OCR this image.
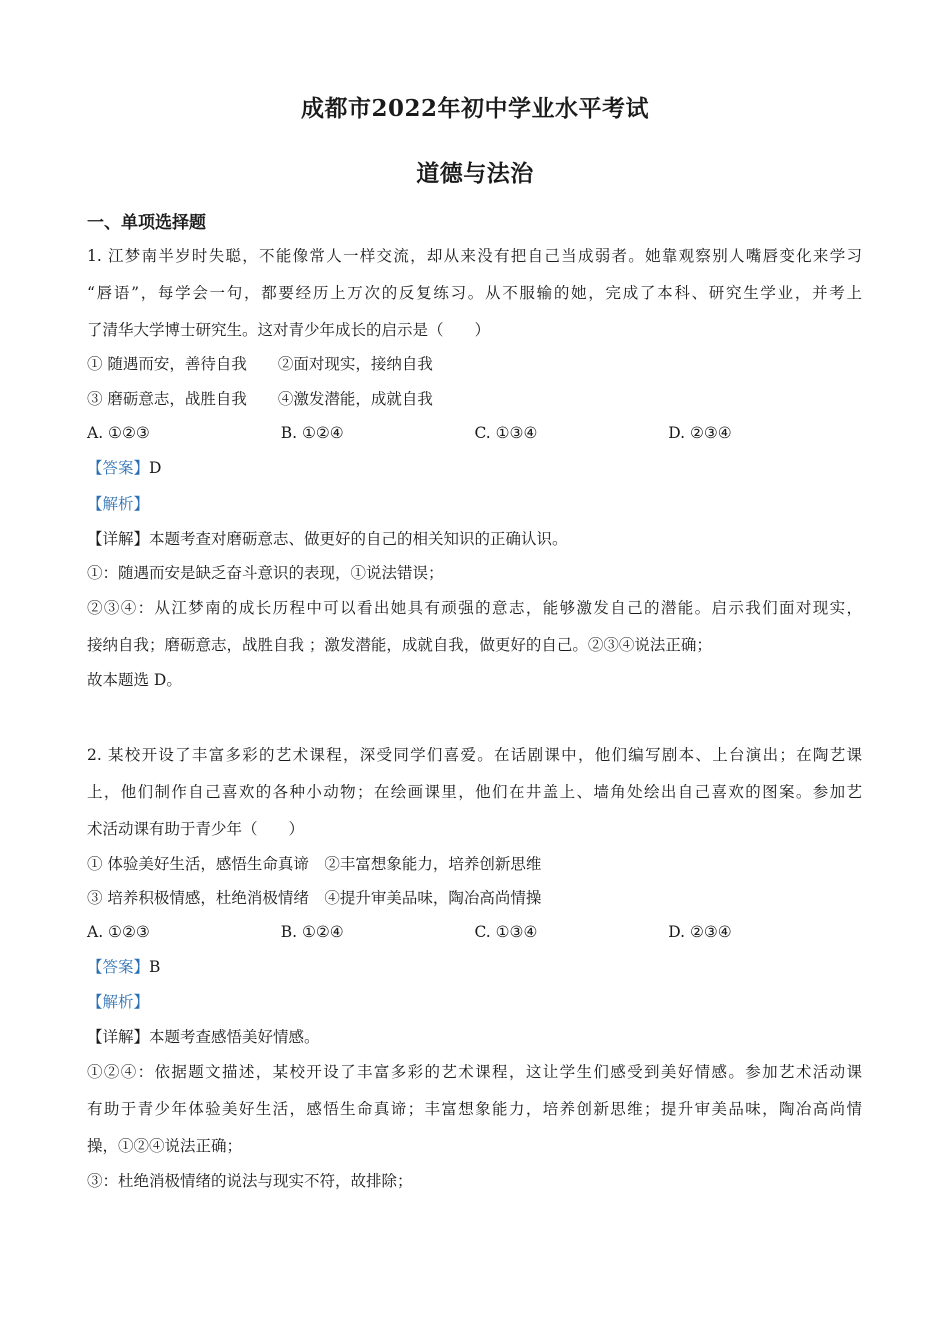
成都市2022年初中学业水平考试
道德与法治
一、单项选择题
1. 江梦南半岁时失聪，不能像常人一样交流，却从来没有把自己当成弱者。她靠观察别人嘴唇变化来学习
“唇语”，每学会一句，都要经历上万次的反复练习。从不服输的她，完成了本科、研究生学业，并考上
了清华大学博士研究生。这对青少年成长的启示是（　　）
① 随遇而安，善待自我　　②面对现实，接纳自我
③ 磨砺意志，战胜自我　　④激发潜能，成就自我
A. ①②③	B. ①②④	C. ①③④	D. ②③④
【答案】D
【解析】
【详解】本题考查对磨砺意志、做更好的自己的相关知识的正确认识。
①：随遇而安是缺乏奋斗意识的表现，①说法错误；
②③④：从江梦南的成长历程中可以看出她具有顽强的意志，能够激发自己的潜能。启示我们面对现实，
接纳自我；磨砺意志，战胜自我 ；激发潜能，成就自我，做更好的自己。②③④说法正确；
故本题选 D。
2. 某校开设了丰富多彩的艺术课程，深受同学们喜爱。在话剧课中，他们编写剧本、上台演出；在陶艺课
上，他们制作自己喜欢的各种小动物；在绘画课里，他们在井盖上、墙角处绘出自己喜欢的图案。参加艺
术活动课有助于青少年（　　）
① 体验美好生活，感悟生命真谛　②丰富想象能力，培养创新思维
③ 培养积极情感，杜绝消极情绪　④提升审美品味，陶冶高尚情操
A. ①②③	B. ①②④	C. ①③④	D. ②③④
【答案】B
【解析】
【详解】本题考查感悟美好情感。
①②④：依据题文描述，某校开设了丰富多彩的艺术课程，这让学生们感受到美好情感。参加艺术活动课
有助于青少年体验美好生活，感悟生命真谛；丰富想象能力，培养创新思维；提升审美品味，陶冶高尚情
操，①②④说法正确；
③：杜绝消极情绪的说法与现实不符，故排除；
